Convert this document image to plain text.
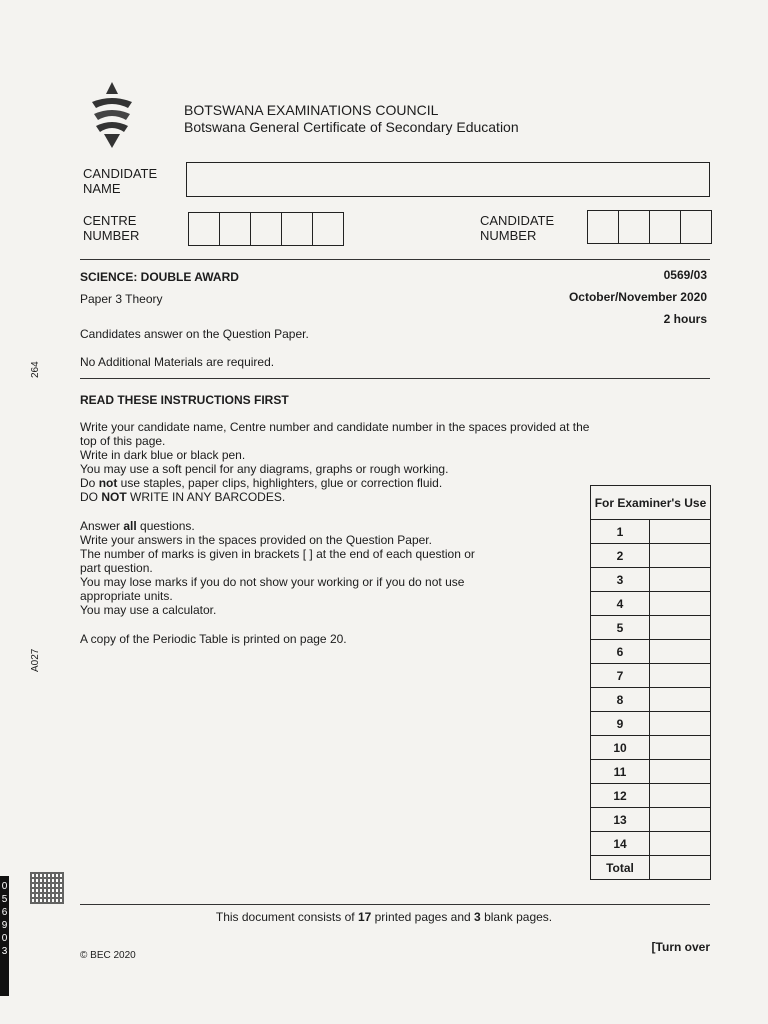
BOTSWANA EXAMINATIONS COUNCIL
Botswana General Certificate of Secondary Education
CANDIDATE
NAME
CENTRE
NUMBER
CANDIDATE
NUMBER
SCIENCE: DOUBLE AWARD	0569/03
Paper 3 Theory	October/November 2020
2 hours
Candidates answer on the Question Paper.
No Additional Materials are required.
READ THESE INSTRUCTIONS FIRST
Write your candidate name, Centre number and candidate number in the spaces provided at the
top of this page.
Write in dark blue or black pen.
You may use a soft pencil for any diagrams, graphs or rough working.
Do not use staples, paper clips, highlighters, glue or correction fluid.
DO NOT WRITE IN ANY BARCODES.
Answer all questions.
Write your answers in the spaces provided on the Question Paper.
The number of marks is given in brackets [ ] at the end of each question or
part question.
You may lose marks if you do not show your working or if you do not use
appropriate units.
You may use a calculator.
A copy of the Periodic Table is printed on page 20.
264
A027
For Examiner's Use	
1	
2	
3	
4	
5	
6	
7	
8	
9	
10	
11	
12	
13	
14	
Total	
0
5
6
9
0
3
This document consists of 17 printed pages and 3 blank pages.
© BEC 2020
[Turn over
